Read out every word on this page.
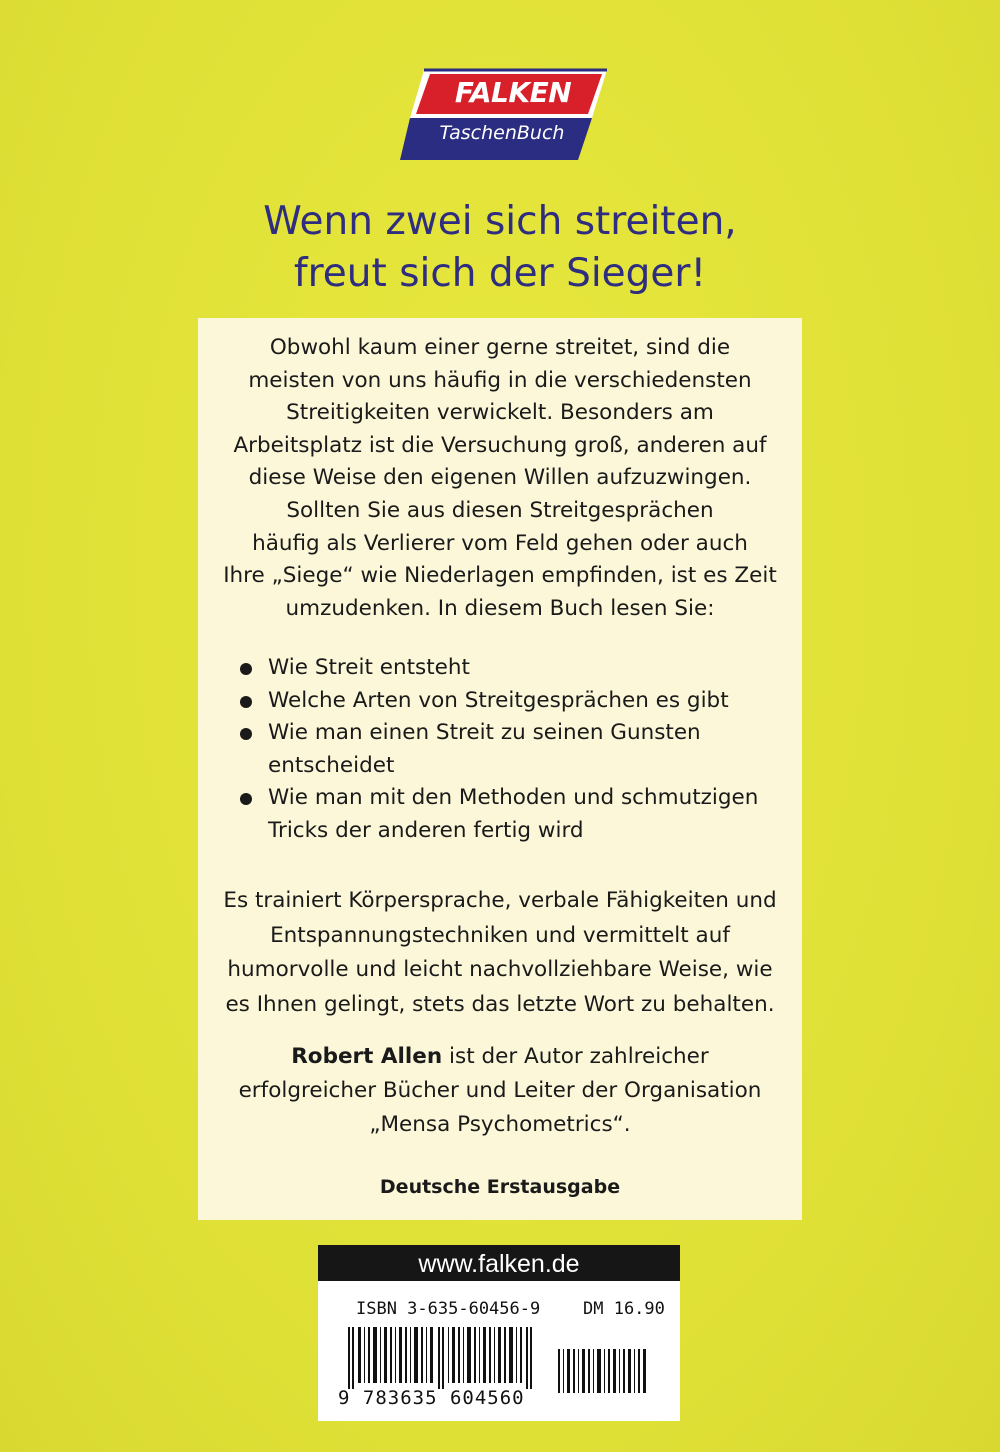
FALKEN
TaschenBuch
Wenn zwei sich streiten,
freut sich der Sieger!
Obwohl kaum einer gerne streitet, sind die
meisten von uns häufig in die verschiedensten
Streitigkeiten verwickelt. Besonders am
Arbeitsplatz ist die Versuchung groß, anderen auf
diese Weise den eigenen Willen aufzuzwingen.
Sollten Sie aus diesen Streitgesprächen
häufig als Verlierer vom Feld gehen oder auch
Ihre „Siege“ wie Niederlagen empfinden, ist es Zeit
umzudenken. In diesem Buch lesen Sie:
Wie Streit entsteht
Welche Arten von Streitgesprächen es gibt
Wie man einen Streit zu seinen Gunsten
entscheidet
Wie man mit den Methoden und schmutzigen
Tricks der anderen fertig wird
Es trainiert Körpersprache, verbale Fähigkeiten und
Entspannungstechniken und vermittelt auf
humorvolle und leicht nachvollziehbare Weise, wie
es Ihnen gelingt, stets das letzte Wort zu behalten.
Robert Allen ist der Autor zahlreicher
erfolgreicher Bücher und Leiter der Organisation
„Mensa Psychometrics“.
Deutsche Erstausgabe
www.falken.de
ISBN 3-635-60456-9	DM 16.90
9 783635 604560
